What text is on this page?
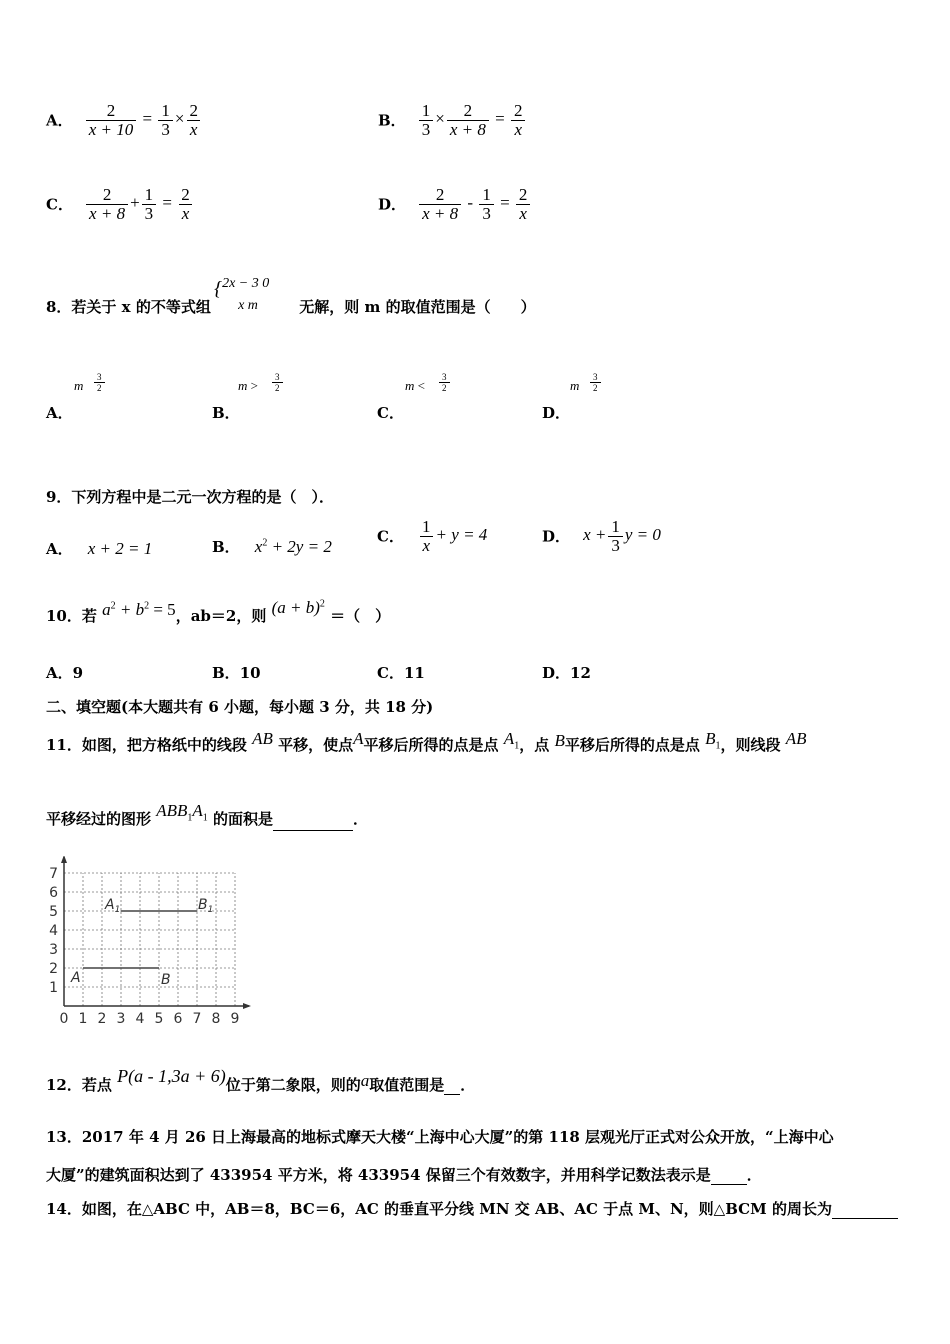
A． $\frac{2}{x + 10} = \frac{1}{3} \times \frac{2}{x}$	B． $\frac{1}{3} \times \frac{2}{x + 8} = \frac{2}{x}$
C． $\frac{2}{x + 8} + \frac{1}{3} = \frac{2}{x}$	D． $\frac{2}{x + 8} - \frac{1}{3} = \frac{2}{x}$
8．若关于 x 的不等式组
{ 2x − 3 0
x m	无解，则 m 的取值范围是（　　）
m $\frac{3}{2}$
A．
$m > \frac{3}{2}$
B．
$m < \frac{3}{2}$
C．
m $\frac{3}{2}$
D．
9．下列方程中是二元一次方程的是（　）．
A． x + 2 = 1	B． $x^2 + 2y = 2$
C． $\frac{1}{x} + y = 4$	D． $x + \frac{1}{3}$ y = 0
10．若 $a^2 + b^2 = 5$，ab＝2，则 $(a + b)^2$ ＝（　）
A．9	B．10	C．11	D．12
二、填空题(本大题共有 6 小题，每小题 3 分，共 18 分)
11．如图，把方格纸中的线段 AB 平移，使点A平移后所得的点是点 $A_1$，点 B平移后所得的点是点 $B_1$，则线段 AB
平移经过的图形 $ABB_1A_1$ 的面积是	．
0 1 2 3 4 5 6 7 8 9
1
2
3
4
5
6
7
A	B
$A_1$	$B_1$
12．若点 P(a - 1,3a + 6)位于第二象限，则的a取值范围是 ．
13．2017 年 4 月 26 日上海最高的地标式摩天大楼“上海中心大厦”的第 118 层观光厅正式对公众开放，“上海中心
大厦”的建筑面积达到了 433954 平方米，将 433954 保留三个有效数字，并用科学记数法表示是 ．
14．如图，在△ABC 中，AB＝8，BC＝6，AC 的垂直平分线 MN 交 AB、AC 于点 M、N，则△BCM 的周长为
